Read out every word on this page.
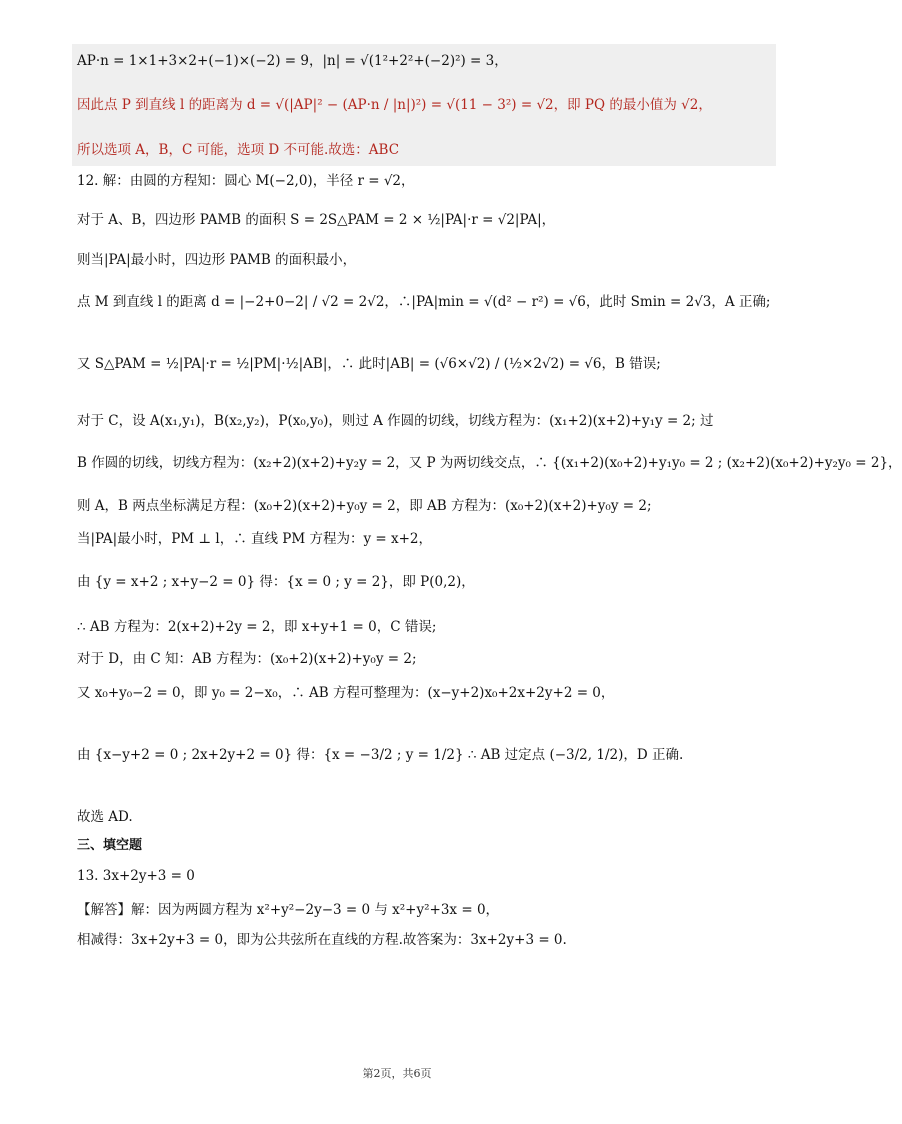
AP·n = 1×1+3×2+(−1)×(−2) = 9，|n| = √(1²+2²+(−2)²) = 3，
因此点 P 到直线 l 的距离为 d = √(|AP|² − (AP·n / |n|)²) = √(11 − 3²) = √2，即 PQ 的最小值为 √2，
所以选项 A，B，C 可能，选项 D 不可能.故选：ABC
12. 解：由圆的方程知：圆心 M(−2,0)，半径 r = √2，
对于 A、B，四边形 PAMB 的面积 S = 2S△PAM = 2 × ½|PA|·r = √2|PA|，
则当|PA|最小时，四边形 PAMB 的面积最小，
点 M 到直线 l 的距离 d = |−2+0−2| / √2 = 2√2，∴|PA|min = √(d² − r²) = √6，此时 Smin = 2√3，A 正确;
又 S△PAM = ½|PA|·r = ½|PM|·½|AB|，∴ 此时|AB| = (√6×√2) / (½×2√2) = √6，B 错误;
对于 C，设 A(x₁,y₁)，B(x₂,y₂)，P(x₀,y₀)，则过 A 作圆的切线，切线方程为：(x₁+2)(x+2)+y₁y = 2; 过
B 作圆的切线，切线方程为：(x₂+2)(x+2)+y₂y = 2，又 P 为两切线交点，∴ {(x₁+2)(x₀+2)+y₁y₀ = 2 ; (x₂+2)(x₀+2)+y₂y₀ = 2}，
则 A，B 两点坐标满足方程：(x₀+2)(x+2)+y₀y = 2，即 AB 方程为：(x₀+2)(x+2)+y₀y = 2;
当|PA|最小时，PM ⊥ l，∴ 直线 PM 方程为：y = x+2，
由 {y = x+2 ; x+y−2 = 0} 得：{x = 0 ; y = 2}，即 P(0,2)，
∴ AB 方程为：2(x+2)+2y = 2，即 x+y+1 = 0，C 错误;
对于 D，由 C 知：AB 方程为：(x₀+2)(x+2)+y₀y = 2;
又 x₀+y₀−2 = 0，即 y₀ = 2−x₀，∴ AB 方程可整理为：(x−y+2)x₀+2x+2y+2 = 0，
由 {x−y+2 = 0 ; 2x+2y+2 = 0} 得：{x = −3/2 ; y = 1/2} ∴ AB 过定点 (−3/2, 1/2)，D 正确.
故选 AD.
三、填空题
13. 3x+2y+3 = 0
【解答】解：因为两圆方程为 x²+y²−2y−3 = 0 与 x²+y²+3x = 0，
相减得：3x+2y+3 = 0，即为公共弦所在直线的方程.故答案为：3x+2y+3 = 0.
第2页，共6页
